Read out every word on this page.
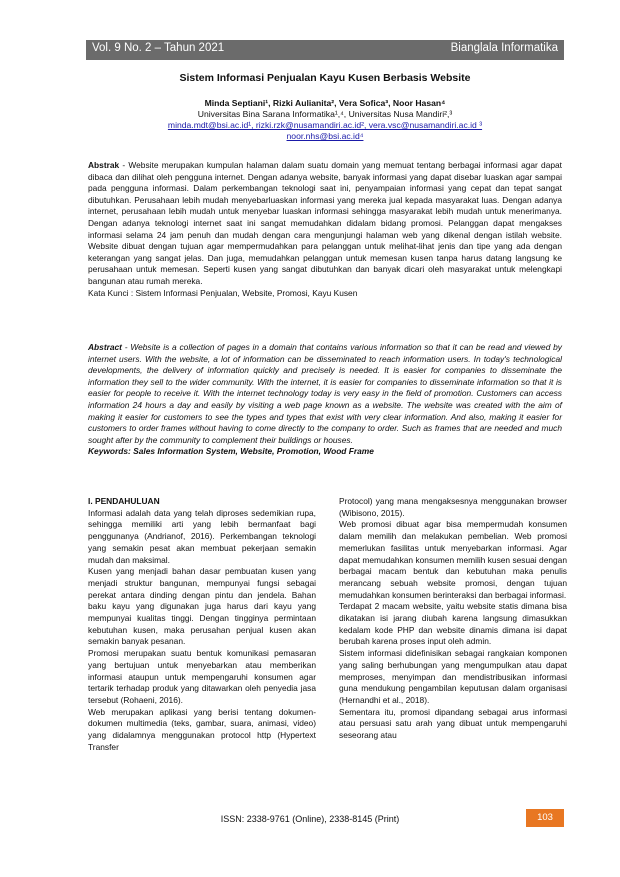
Vol. 9 No. 2 – Tahun 2021	Bianglala Informatika
Sistem Informasi Penjualan Kayu Kusen Berbasis Website
Minda Septiani¹, Rizki Aulianita², Vera Sofica³, Noor Hasan⁴
Universitas Bina Sarana Informatika¹,⁴, Universitas Nusa Mandiri²,³
minda.mdt@bsi.ac.id¹, rizki.rzk@nusamandiri.ac.id², vera.vsc@nusamandiri.ac.id ³
noor.nhs@bsi.ac.id⁴
Abstrak - Website merupakan kumpulan halaman dalam suatu domain yang memuat tentang berbagai informasi agar dapat dibaca dan dilihat oleh pengguna internet. Dengan adanya website, banyak informasi yang dapat disebar luaskan agar sampai pada pengguna informasi. Dalam perkembangan teknologi saat ini, penyampaian informasi yang cepat dan tepat sangat dibutuhkan. Perusahaan lebih mudah menyebarluaskan informasi yang mereka jual kepada masyarakat luas. Dengan adanya internet, perusahaan lebih mudah untuk menyebar luaskan informasi sehingga masyarakat lebih mudah untuk menerimanya. Dengan adanya teknologi internet saat ini sangat memudahkan didalam bidang promosi. Pelanggan dapat mengakses informasi selama 24 jam penuh dan mudah dengan cara mengunjungi halaman web yang dikenal dengan istilah website. Website dibuat dengan tujuan agar mempermudahkan para pelanggan untuk melihat-lihat jenis dan tipe yang ada dengan keterangan yang sangat jelas. Dan juga, memudahkan pelanggan untuk memesan kusen tanpa harus datang langsung ke perusahaan untuk memesan. Seperti kusen yang sangat dibutuhkan dan banyak dicari oleh masyarakat untuk melengkapi bangunan atau rumah mereka.
Kata Kunci : Sistem Informasi Penjualan, Website, Promosi, Kayu Kusen
Abstract - Website is a collection of pages in a domain that contains various information so that it can be read and viewed by internet users. With the website, a lot of information can be disseminated to reach information users. In today's technological developments, the delivery of information quickly and precisely is needed. It is easier for companies to disseminate the information they sell to the wider community. With the internet, it is easier for companies to disseminate information so that it is easier for people to receive it. With the internet technology today is very easy in the field of promotion. Customers can access information 24 hours a day and easily by visiting a web page known as a website. The website was created with the aim of making it easier for customers to see the types and types that exist with very clear information. And also, making it easier for customers to order frames without having to come directly to the company to order. Such as frames that are needed and much sought after by the community to complement their buildings or houses.
Keywords: Sales Information System, Website, Promotion, Wood Frame

I. PENDAHULUAN

Informasi adalah data yang telah diproses sedemikian rupa, sehingga memiliki arti yang lebih bermanfaat bagi penggunanya (Andrianof, 2016). Perkembangan teknologi yang semakin pesat akan membuat pekerjaan semakin mudah dan maksimal.

Kusen yang menjadi bahan dasar pembuatan kusen yang menjadi struktur bangunan, mempunyai fungsi sebagai perekat antara dinding dengan pintu dan jendela. Bahan baku kayu yang digunakan juga harus dari kayu yang mempunyai kualitas tinggi. Dengan tingginya permintaan kebutuhan kusen, maka perusahan penjual kusen akan semakin banyak pesanan.

Promosi merupakan suatu bentuk komunikasi pemasaran yang bertujuan untuk menyebarkan atau memberikan informasi ataupun untuk mempengaruhi konsumen agar tertarik terhadap produk yang ditawarkan oleh penyedia jasa tersebut (Rohaeni, 2016).

Web merupakan aplikasi yang berisi tentang dokumen-dokumen multimedia (teks, gambar, suara, animasi, video) yang didalamnya menggunakan protocol http (Hypertext Transfer

Protocol) yang mana mengaksesnya menggunakan browser (Wibisono, 2015).

Web promosi dibuat agar bisa mempermudah konsumen dalam memilih dan melakukan pembelian. Web promosi memerlukan fasilitas untuk menyebarkan informasi. Agar dapat memudahkan konsumen memilih kusen sesuai dengan berbagai macam bentuk dan kebutuhan maka penulis merancang sebuah website promosi, dengan tujuan memudahkan konsumen berinteraksi dan berbagai informasi.

Terdapat 2 macam website, yaitu website statis dimana bisa dikatakan isi jarang diubah karena langsung dimasukkan kedalam kode PHP dan website dinamis dimana isi dapat berubah karena proses input oleh admin.

Sistem informasi didefinisikan sebagai rangkaian komponen yang saling berhubungan yang mengumpulkan atau dapat memproses, menyimpan dan mendistribusikan informasi guna mendukung pengambilan keputusan dalam organisasi (Hernandhi et al., 2018).

Sementara itu, promosi dipandang sebagai arus informasi atau persuasi satu arah yang dibuat untuk mempengaruhi seseorang atau

ISSN: 2338-9761 (Online), 2338-8145 (Print)	103
